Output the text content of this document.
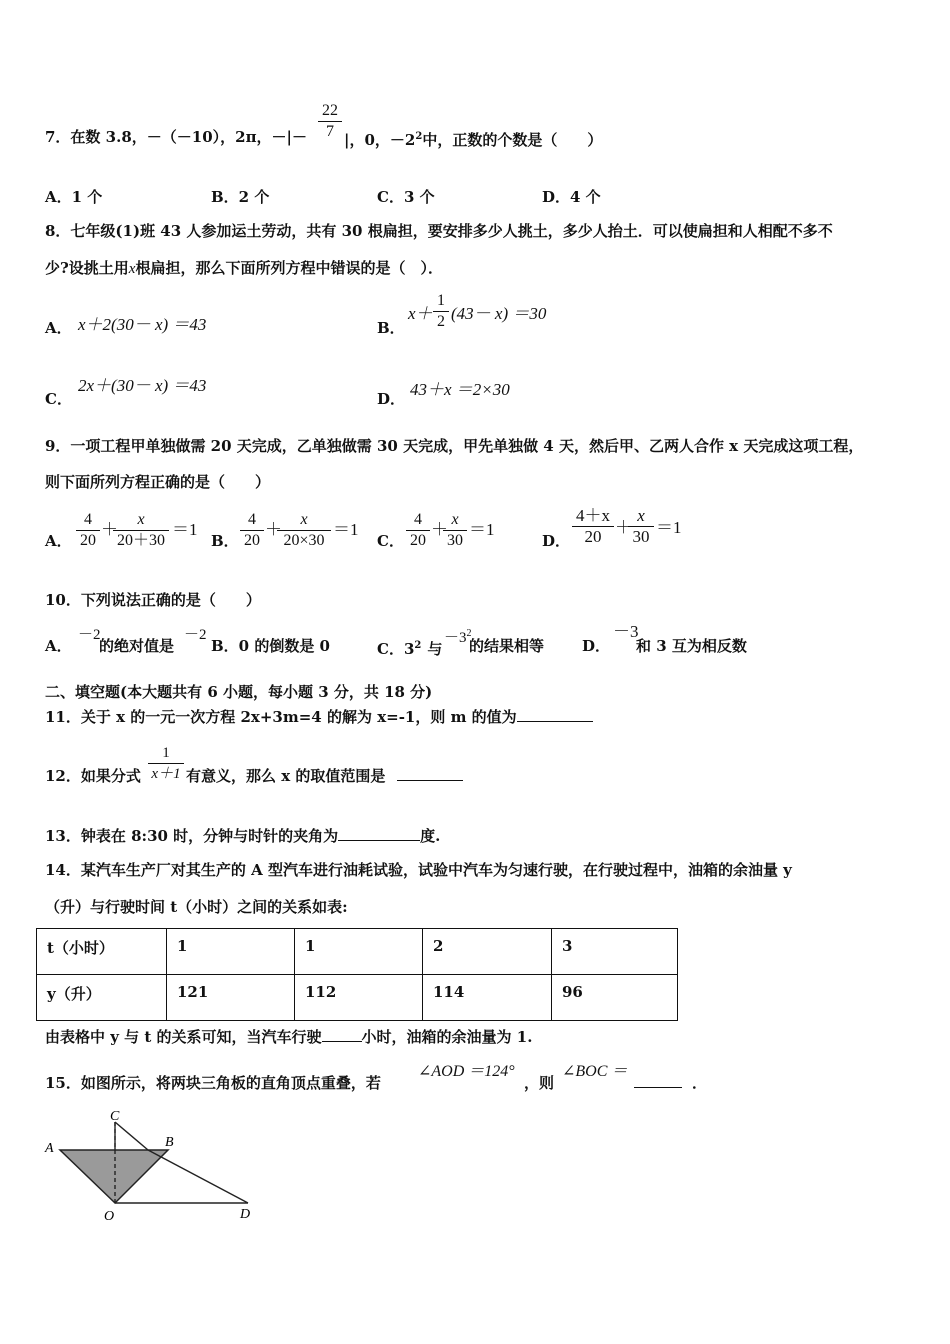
7．在数 3.8，－（－10），2π，－|－ $\frac{22}{7}$ |，0，$-2^2$中，正数的个数是（　　）
A．1 个	B．2 个	C．3 个	D．4 个
8．七年级(1)班 43 人参加运土劳动，共有 30 根扁担，要安排多少人挑土，多少人抬土．可以使扁担和人相配不多不
少?设挑土用x根扁担，那么下面所列方程中错误的是（　）．
A． x＋2(30－ x) ＝43	B．
$x+ \frac{1}{2} (43- x) =30$
C．
2x＋(30－ x) ＝43
D． 43＋x ＝2×30
9．一项工程甲单独做需 20 天完成，乙单独做需 30 天完成，甲先单独做 4 天，然后甲、乙两人合作 x 天完成这项工程，
则下面所列方程正确的是（　　）
A． $\frac{4}{20}$ ＋
$\frac{x}{20+30} =1$
B． $\frac{4}{20}$ ＋
$\frac{x}{20\times 30} =1$
C． $\frac{4}{20}$ ＋
$\frac{x}{30} =1$
D． $\frac{4+x}{20}$ ＋
$\frac{x}{30} =1$
10．下列说法正确的是（　　）
A．
－2
的绝对值是
－2
B．0 的倒数是 0	C．$3^2$ 与
$-3^2$
的结果相等	D．
－3
和 3 互为相反数
二、填空题(本大题共有 6 小题，每小题 3 分，共 18 分)
11．关于 x 的一元一次方程 2x+3m=4 的解为 x=-1，则 m 的值为
12．如果分式 $\frac{1}{x+1}$ 有意义，那么 x 的取值范围是
13．钟表在 8:30 时，分钟与时针的夹角为	度.
14．某汽车生产厂对其生产的 A 型汽车进行油耗试验，试验中汽车为匀速行驶，在行驶过程中，油箱的余油量 y
（升）与行驶时间 t（小时）之间的关系如表:
t（小时）	1	1	2	3
y（升）	121	112	114	96
由表格中 y 与 t 的关系可知，当汽车行驶	小时，油箱的余油量为 1.
15．如图所示，将两块三角板的直角顶点重叠，若
∠AOD ＝124°
，则
∠BOC ＝
．
C
B
A
O	D
